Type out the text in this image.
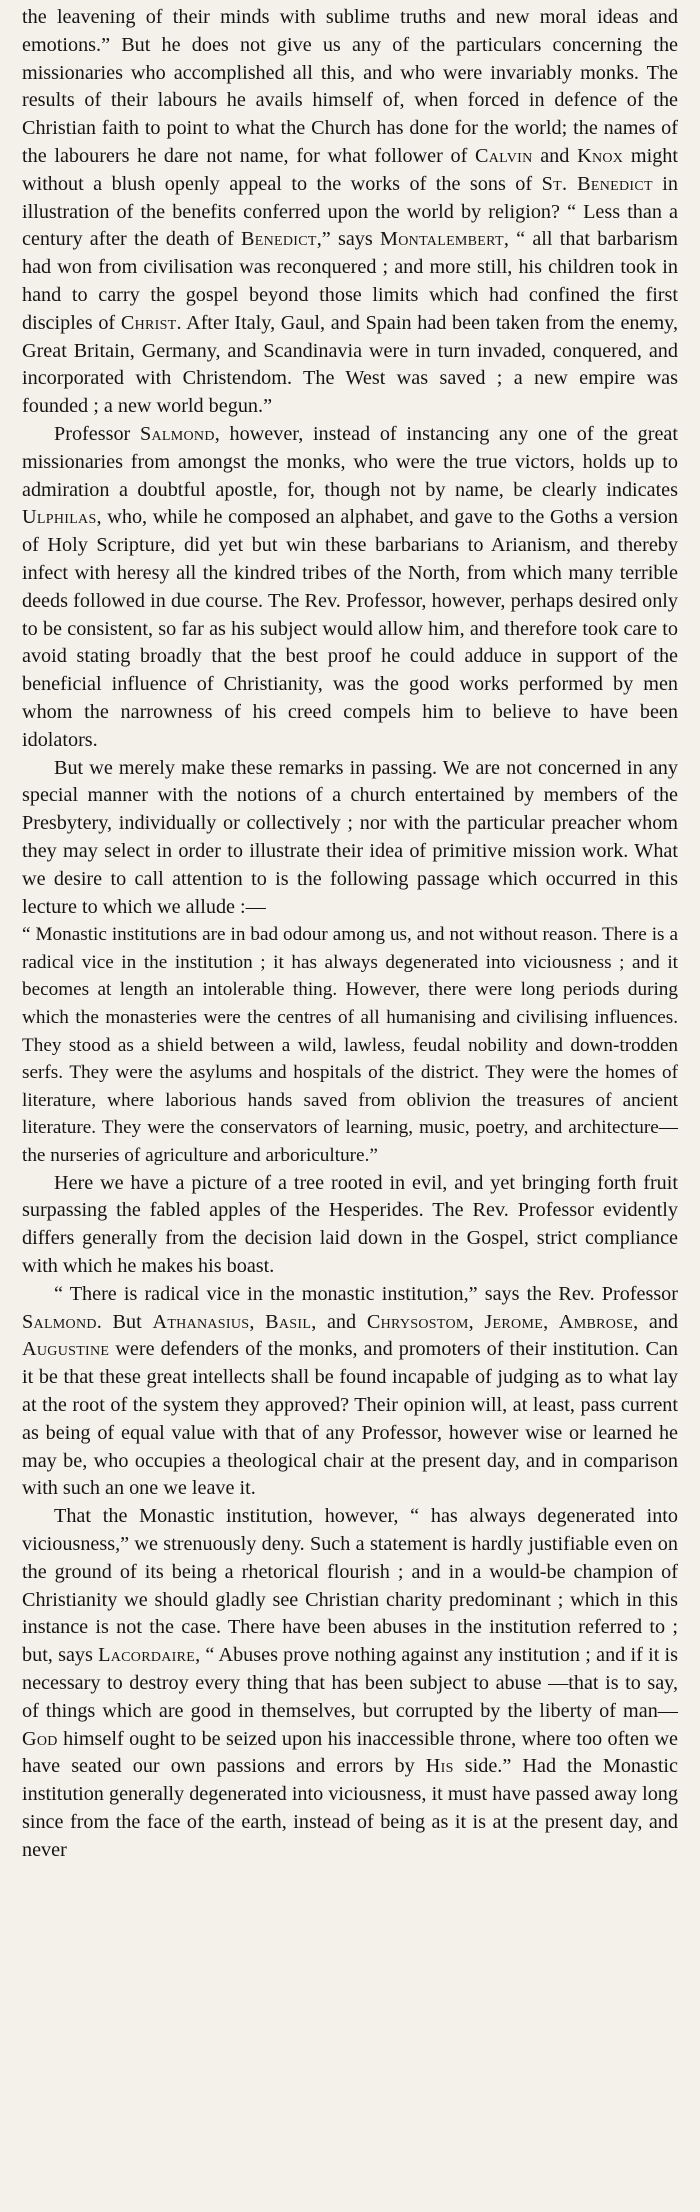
the leavening of their minds with sublime truths and new moral ideas and emotions.” But he does not give us any of the particulars concerning the missionaries who accomplished all this, and who were invariably monks. The results of their labours he avails himself of, when forced in defence of the Christian faith to point to what the Church has done for the world; the names of the labourers he dare not name, for what follower of Calvin and Knox might without a blush openly appeal to the works of the sons of St. Benedict in illustration of the benefits conferred upon the world by religion? “ Less than a century after the death of Benedict,” says Montalembert, “ all that barbarism had won from civilisation was reconquered ; and more still, his children took in hand to carry the gospel beyond those limits which had confined the first disciples of Christ. After Italy, Gaul, and Spain had been taken from the enemy, Great Britain, Germany, and Scandinavia were in turn invaded, conquered, and incorporated with Christendom. The West was saved ; a new empire was founded ; a new world begun.”

Professor Salmond, however, instead of instancing any one of the great missionaries from amongst the monks, who were the true victors, holds up to admiration a doubtful apostle, for, though not by name, be clearly indicates Ulphilas, who, while he composed an alphabet, and gave to the Goths a version of Holy Scripture, did yet but win these barbarians to Arianism, and thereby infect with heresy all the kindred tribes of the North, from which many terrible deeds followed in due course. The Rev. Professor, however, perhaps desired only to be consistent, so far as his subject would allow him, and therefore took care to avoid stating broadly that the best proof he could adduce in support of the beneficial influence of Christianity, was the good works performed by men whom the narrowness of his creed compels him to believe to have been idolators.

But we merely make these remarks in passing. We are not concerned in any special manner with the notions of a church entertained by members of the Presbytery, individually or collectively ; nor with the particular preacher whom they may select in order to illustrate their idea of primitive mission work. What we desire to call attention to is the following passage which occurred in this lecture to which we allude :—

“ Monastic institutions are in bad odour among us, and not without reason. There is a radical vice in the institution ; it has always degenerated into viciousness ; and it becomes at length an intolerable thing. However, there were long periods during which the monasteries were the centres of all humanising and civilising influences. They stood as a shield between a wild, lawless, feudal nobility and down-trodden serfs. They were the asylums and hospitals of the district. They were the homes of literature, where laborious hands saved from oblivion the treasures of ancient literature. They were the conservators of learning, music, poetry, and architecture—the nurseries of agriculture and arboriculture.”

Here we have a picture of a tree rooted in evil, and yet bringing forth fruit surpassing the fabled apples of the Hesperides. The Rev. Professor evidently differs generally from the decision laid down in the Gospel, strict compliance with which he makes his boast.

“ There is radical vice in the monastic institution,” says the Rev. Professor Salmond. But Athanasius, Basil, and Chrysostom, Jerome, Ambrose, and Augustine were defenders of the monks, and promoters of their institution. Can it be that these great intellects shall be found incapable of judging as to what lay at the root of the system they approved? Their opinion will, at least, pass current as being of equal value with that of any Professor, however wise or learned he may be, who occupies a theological chair at the present day, and in comparison with such an one we leave it.

That the Monastic institution, however, “ has always degenerated into viciousness,” we strenuously deny. Such a statement is hardly justifiable even on the ground of its being a rhetorical flourish ; and in a would-be champion of Christianity we should gladly see Christian charity predominant ; which in this instance is not the case. There have been abuses in the institution referred to ; but, says Lacordaire, “ Abuses prove nothing against any institution ; and if it is necessary to destroy every thing that has been subject to abuse —that is to say, of things which are good in themselves, but corrupted by the liberty of man—God himself ought to be seized upon his inaccessible throne, where too often we have seated our own passions and errors by His side.” Had the Monastic institution generally degenerated into viciousness, it must have passed away long since from the face of the earth, instead of being as it is at the present day, and never
